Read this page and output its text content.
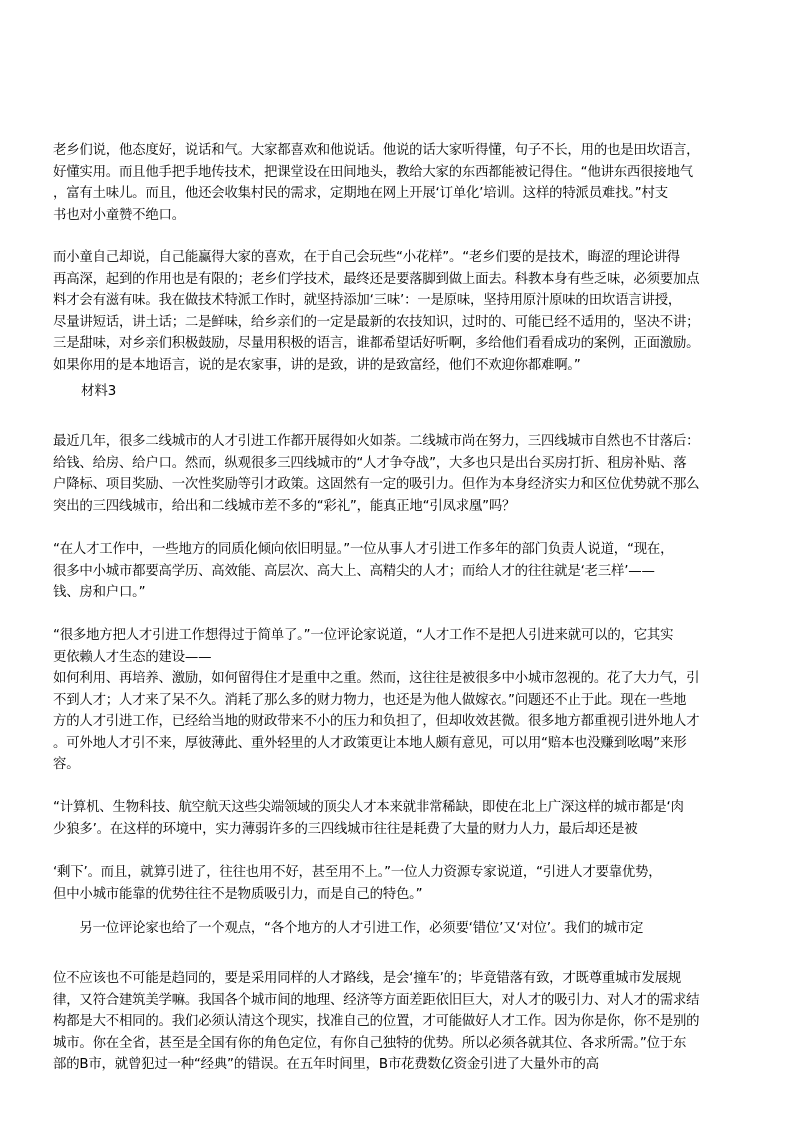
老乡们说，他态度好，说话和气。大家都喜欢和他说话。他说的话大家听得懂，句子不长，用的也是田坎语言，
好懂实用。而且他手把手地传技术，把课堂设在田间地头，教给大家的东西都能被记得住。“他讲东西很接地气
，富有土味儿。而且，他还会收集村民的需求，定期地在网上开展‘订单化’培训。这样的特派员难找。”村支
书也对小童赞不绝口。

而小童自己却说，自己能赢得大家的喜欢，在于自己会玩些“小花样”。“老乡们要的是技术，晦涩的理论讲得
再高深，起到的作用也是有限的；老乡们学技术，最终还是要落脚到做上面去。科教本身有些乏味，必须要加点
料才会有滋有味。我在做技术特派工作时，就坚持添加‘三味’：一是原味，坚持用原汁原味的田坎语言讲授，
尽量讲短话，讲土话；二是鲜味，给乡亲们的一定是最新的农技知识，过时的、可能已经不适用的，坚决不讲；
三是甜味，对乡亲们积极鼓励，尽量用积极的语言，谁都希望话好听啊，多给他们看看成功的案例，正面激励。
如果你用的是本地语言，说的是农家事，讲的是致，讲的是致富经，他们不欢迎你都难啊。”

材料3

最近几年，很多二线城市的人才引进工作都开展得如火如荼。二线城市尚在努力，三四线城市自然也不甘落后：
给钱、给房、给户口。然而，纵观很多三四线城市的“人才争夺战”，大多也只是出台买房打折、租房补贴、落
户降标、项目奖励、一次性奖励等引才政策。这固然有一定的吸引力。但作为本身经济实力和区位优势就不那么
突出的三四线城市，给出和二线城市差不多的“彩礼”，能真正地“引凤求凰”吗？

“在人才工作中，一些地方的同质化倾向依旧明显。”一位从事人才引进工作多年的部门负责人说道，“现在，
很多中小城市都要高学历、高效能、高层次、高大上、高精尖的人才；而给人才的往往就是‘老三样’——
钱、房和户口。”

“很多地方把人才引进工作想得过于简单了。”一位评论家说道，“人才工作不是把人引进来就可以的，它其实
更依赖人才生态的建设——
如何利用、再培养、激励，如何留得住才是重中之重。然而，这往往是被很多中小城市忽视的。花了大力气，引
不到人才；人才来了呆不久。消耗了那么多的财力物力，也还是为他人做嫁衣。”问题还不止于此。现在一些地
方的人才引进工作，已经给当地的财政带来不小的压力和负担了，但却收效甚微。很多地方都重视引进外地人才
。可外地人才引不来，厚彼薄此、重外轻里的人才政策更让本地人颇有意见，可以用“赔本也没赚到吆喝”来形
容。

“计算机、生物科技、航空航天这些尖端领域的顶尖人才本来就非常稀缺，即使在北上广深这样的城市都是‘肉
少狼多’。在这样的环境中，实力薄弱许多的三四线城市往往是耗费了大量的财力人力，最后却还是被

‘剩下’。而且，就算引进了，往往也用不好，甚至用不上。”一位人力资源专家说道，“引进人才要靠优势，
但中小城市能靠的优势往往不是物质吸引力，而是自己的特色。”

　　另一位评论家也给了一个观点，“各个地方的人才引进工作，必须要‘错位’又‘对位’。我们的城市定

位不应该也不可能是趋同的，要是采用同样的人才路线，是会‘撞车’的；毕竟错落有致，才既尊重城市发展规
律，又符合建筑美学嘛。我国各个城市间的地理、经济等方面差距依旧巨大，对人才的吸引力、对人才的需求结
构都是大不相同的。我们必须认清这个现实，找准自己的位置，才可能做好人才工作。因为你是你，你不是别的
城市。你在全省，甚至是全国有你的角色定位，有你自己独特的优势。所以必须各就其位、各求所需。”位于东
部的B市，就曾犯过一种“经典”的错误。在五年时间里，B市花费数亿资金引进了大量外市的高
